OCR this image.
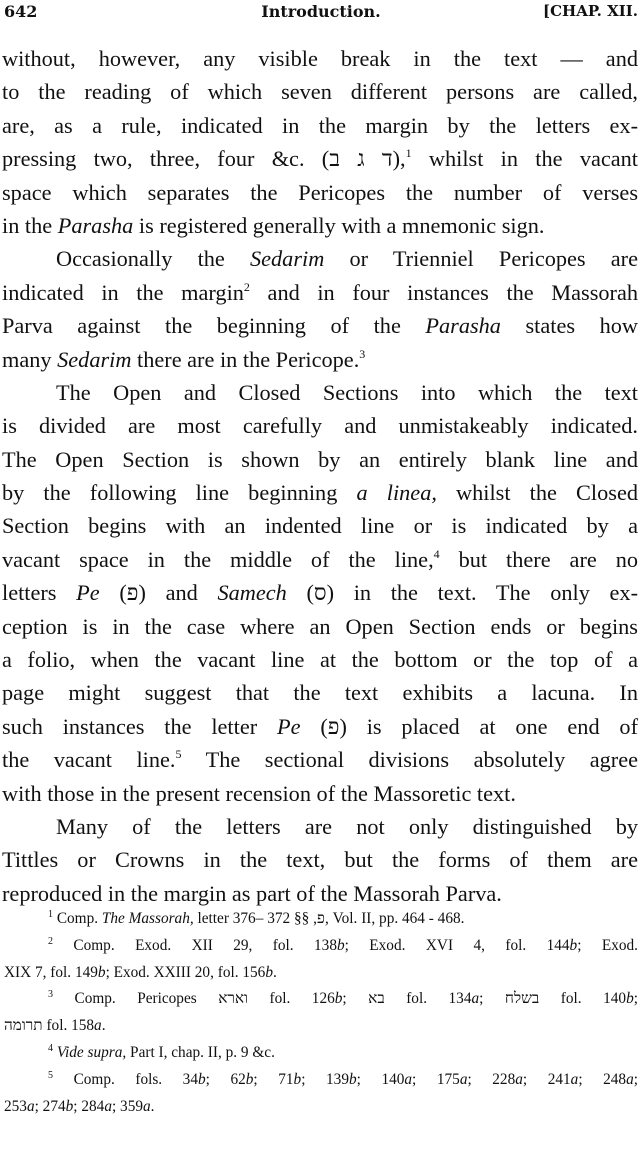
642	Introduction.	[CHAP. XII.
without, however, any visible break in the text — and
to the reading of which seven different persons are called,
are, as a rule, indicated in the margin by the letters ex-
pressing two, three, four &c. (ד ג ב),$^1$ whilst in the vacant
space which separates the Pericopes the number of verses
in the Parasha is registered generally with a mnemonic sign.
Occasionally the Sedarim or Trienniel Pericopes are
indicated in the margin$^2$ and in four instances the Massorah
Parva against the beginning of the Parasha states how
many Sedarim there are in the Pericope.$^3$
The Open and Closed Sections into which the text
is divided are most carefully and unmistakeably indicated.
The Open Section is shown by an entirely blank line and
by the following line beginning a linea, whilst the Closed
Section begins with an indented line or is indicated by a
vacant space in the middle of the line,$^4$ but there are no
letters Pe (פ) and Samech (ס) in the text. The only ex-
ception is in the case where an Open Section ends or begins
a folio, when the vacant line at the bottom or the top of a
page might suggest that the text exhibits a lacuna. In
such instances the letter Pe (פ) is placed at one end of
the vacant line.$^5$ The sectional divisions absolutely agree
with those in the present recension of the Massoretic text.
Many of the letters are not only distinguished by
Tittles or Crowns in the text, but the forms of them are
reproduced in the margin as part of the Massorah Parva.
$^1$ Comp. The Massorah, letter פ, §§ 372 –376, Vol. II, pp. 464 - 468.
$^2$ Comp. Exod. XII 29, fol. 138b; Exod. XVI 4, fol. 144b; Exod.
XIX 7, fol. 149b; Exod. XXIII 20, fol. 156b.
$^3$ Comp. Pericopes וארא fol. 126b; בא fol. 134a; בשלח fol. 140b;
תרומה fol. 158a.
$^4$ Vide supra, Part I, chap. II, p. 9 &c.
$^5$ Comp. fols. 34b; 62b; 71b; 139b; 140a; 175a; 228a; 241a; 248a;
253a; 274b; 284a; 359a.
